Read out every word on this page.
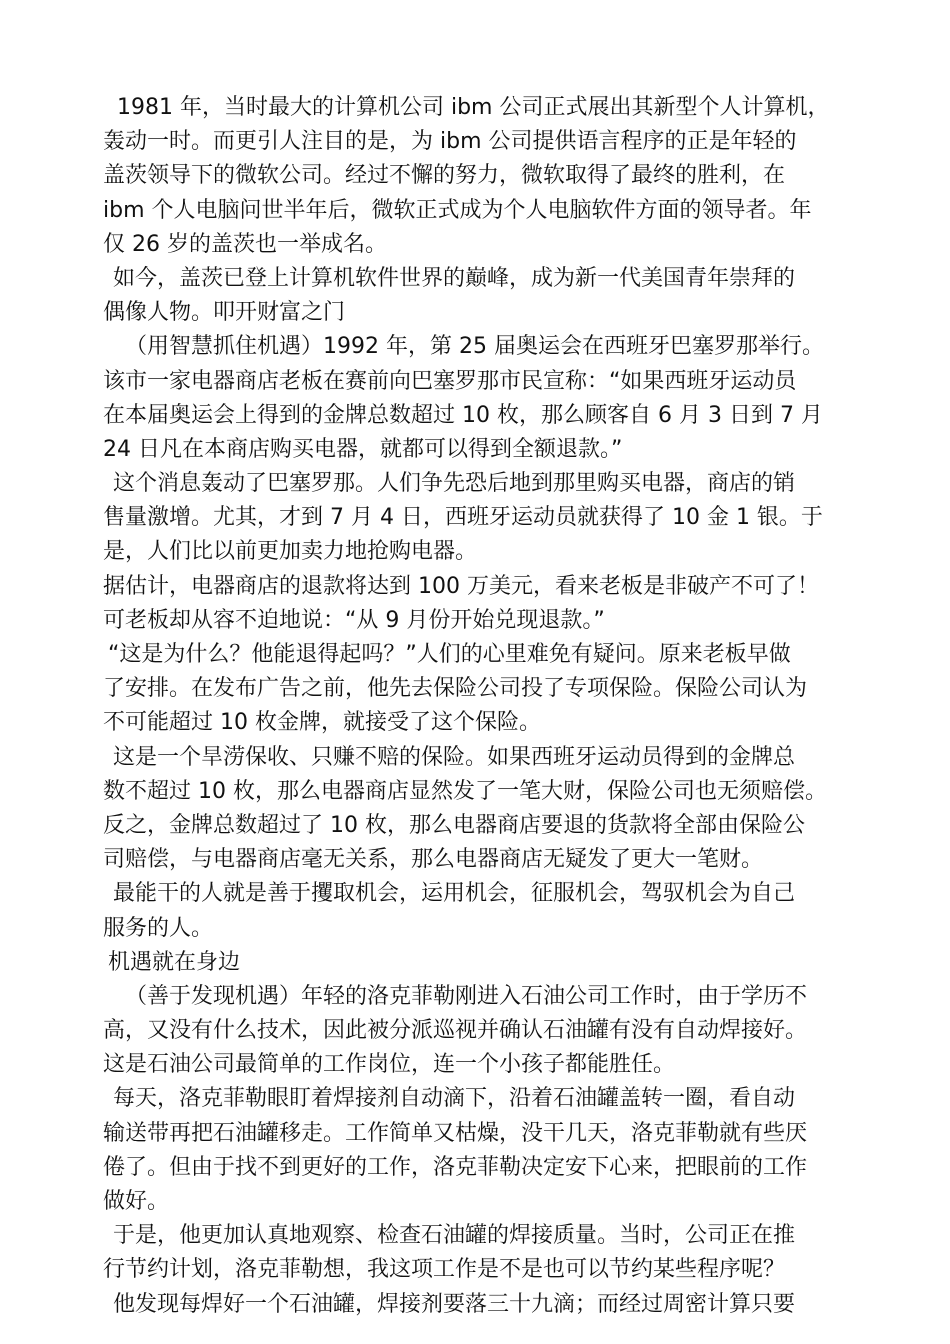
1981 年，当时最大的计算机公司 ibm 公司正式展出其新型个人计算机，
轰动一时。而更引人注目的是，为 ibm 公司提供语言程序的正是年轻的
盖茨领导下的微软公司。经过不懈的努力，微软取得了最终的胜利，在
ibm 个人电脑问世半年后，微软正式成为个人电脑软件方面的领导者。年
仅 26 岁的盖茨也一举成名。
如今，盖茨已登上计算机软件世界的巅峰，成为新一代美国青年崇拜的
偶像人物。叩开财富之门
（用智慧抓住机遇）1992 年，第 25 届奥运会在西班牙巴塞罗那举行。
该市一家电器商店老板在赛前向巴塞罗那市民宣称：“如果西班牙运动员
在本届奥运会上得到的金牌总数超过 10 枚，那么顾客自 6 月 3 日到 7 月
24 日凡在本商店购买电器，就都可以得到全额退款。”
这个消息轰动了巴塞罗那。人们争先恐后地到那里购买电器，商店的销
售量激增。尤其，才到 7 月 4 日，西班牙运动员就获得了 10 金 1 银。于
是，人们比以前更加卖力地抢购电器。
据估计，电器商店的退款将达到 100 万美元，看来老板是非破产不可了！
可老板却从容不迫地说：“从 9 月份开始兑现退款。”
“这是为什么？他能退得起吗？”人们的心里难免有疑问。原来老板早做
了安排。在发布广告之前，他先去保险公司投了专项保险。保险公司认为
不可能超过 10 枚金牌，就接受了这个保险。
这是一个旱涝保收、只赚不赔的保险。如果西班牙运动员得到的金牌总
数不超过 10 枚，那么电器商店显然发了一笔大财，保险公司也无须赔偿。
反之，金牌总数超过了 10 枚，那么电器商店要退的货款将全部由保险公
司赔偿，与电器商店毫无关系，那么电器商店无疑发了更大一笔财。
最能干的人就是善于攫取机会，运用机会，征服机会，驾驭机会为自己
服务的人。
机遇就在身边
（善于发现机遇）年轻的洛克菲勒刚进入石油公司工作时，由于学历不
高，又没有什么技术，因此被分派巡视并确认石油罐有没有自动焊接好。
这是石油公司最简单的工作岗位，连一个小孩子都能胜任。
每天，洛克菲勒眼盯着焊接剂自动滴下，沿着石油罐盖转一圈，看自动
输送带再把石油罐移走。工作简单又枯燥，没干几天，洛克菲勒就有些厌
倦了。但由于找不到更好的工作，洛克菲勒决定安下心来，把眼前的工作
做好。
于是，他更加认真地观察、检查石油罐的焊接质量。当时，公司正在推
行节约计划，洛克菲勒想，我这项工作是不是也可以节约某些程序呢？
他发现每焊好一个石油罐，焊接剂要落三十九滴；而经过周密计算只要
